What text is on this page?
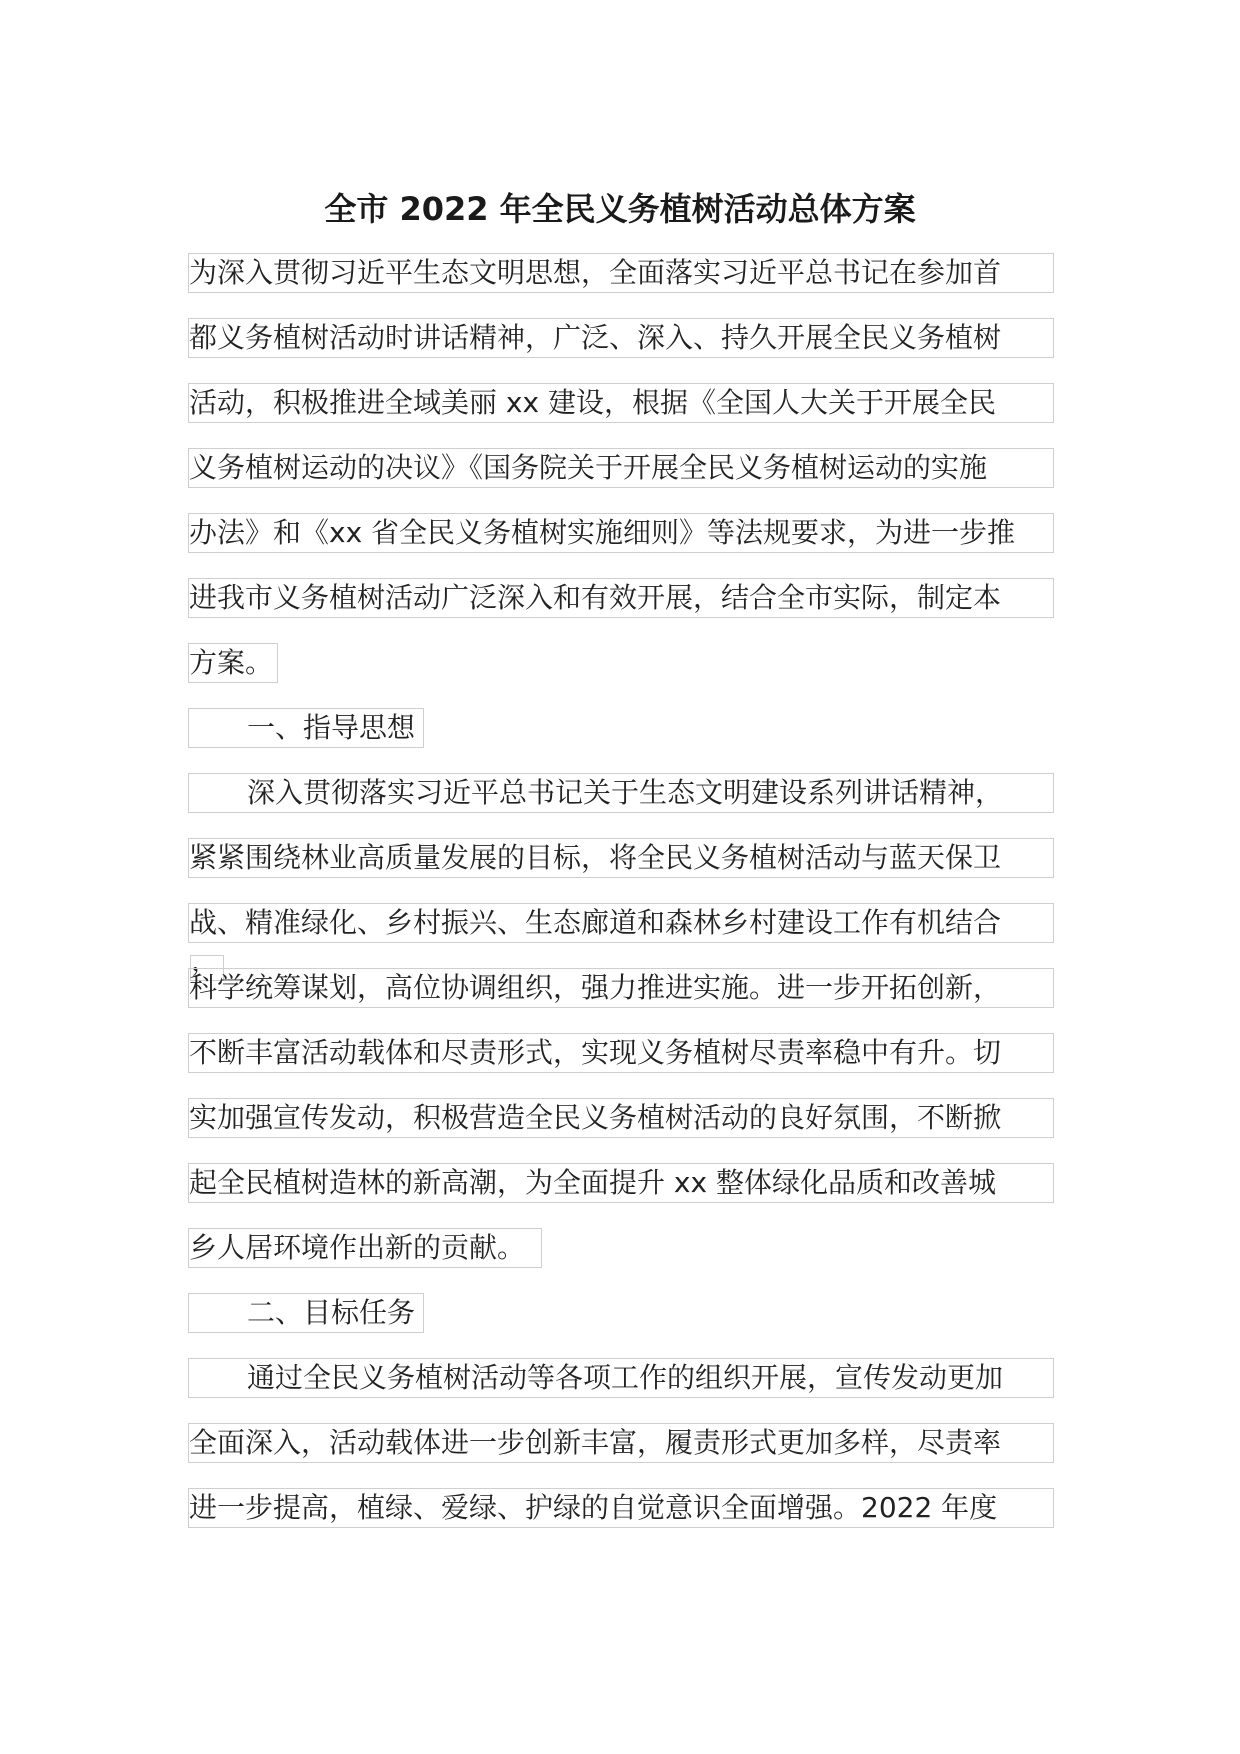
全市 2022 年全民义务植树活动总体方案
为深入贯彻习近平生态文明思想，全面落实习近平总书记在参加首
都义务植树活动时讲话精神，广泛、深入、持久开展全民义务植树
活动，积极推进全域美丽 xx 建设，根据《全国人大关于开展全民
义务植树运动的决议》《国务院关于开展全民义务植树运动的实施
办法》和《xx 省全民义务植树实施细则》等法规要求，为进一步推
进我市义务植树活动广泛深入和有效开展，结合全市实际，制定本
方案。
一、指导思想
深入贯彻落实习近平总书记关于生态文明建设系列讲话精神，
紧紧围绕林业高质量发展的目标，将全民义务植树活动与蓝天保卫
战、精准绿化、乡村振兴、生态廊道和森林乡村建设工作有机结合，
科学统筹谋划，高位协调组织，强力推进实施。进一步开拓创新，
不断丰富活动载体和尽责形式，实现义务植树尽责率稳中有升。切
实加强宣传发动，积极营造全民义务植树活动的良好氛围，不断掀
起全民植树造林的新高潮，为全面提升 xx 整体绿化品质和改善城
乡人居环境作出新的贡献。
二、目标任务
通过全民义务植树活动等各项工作的组织开展，宣传发动更加
全面深入，活动载体进一步创新丰富，履责形式更加多样，尽责率
进一步提高，植绿、爱绿、护绿的自觉意识全面增强。2022 年度
